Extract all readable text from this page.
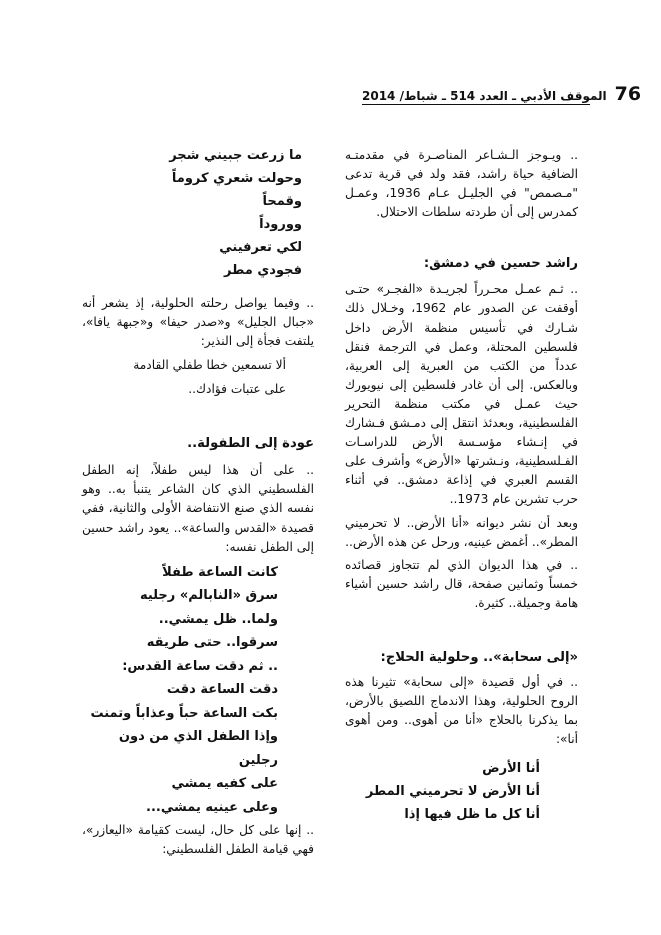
76
الموقف الأدبي ـ العدد 514 ـ شباط/ 2014

.. ويـوجز الـشـاعر المناصـرة في مقدمتـه الضافية حياة راشد، فقد ولد في قرية تدعى "مـصمص" في الجليـل عـام 1936، وعمـل كمدرس إلى أن طردته سلطات الاحتلال.

راشد حسين في دمشق:

.. ثـم عمـل محـرراً لجريـدة «الفجـر» حتـى أوقفت عن الصدور عام 1962، وخـلال ذلك شـارك في تأسيس منظمة الأرض داخل فلسطين المحتلة، وعمل في الترجمة فنقل عدداً من الكتب من العبرية إلى العربية، وبالعكس. إلى أن غادر فلسطين إلى نيويورك حيث عمـل في مكتب منظمة التحرير الفلسطينية، وبعدئذ انتقل إلى دمـشق فـشارك في إنـشاء مؤسـسة الأرض للدراسـات الفـلسطينية، ونـشرتها «الأرض» وأشرف على القسم العبري في إذاعة دمشق.. في أثناء حرب تشرين عام 1973..

وبعد أن نشر ديوانه «أنا الأرض.. لا تحرميني المطر».. أغمض عينيه، ورحل عن هذه الأرض..

.. في هذا الديوان الذي لم تتجاوز قصائده خمساً وثمانين صفحة، قال راشد حسين أشياء هامة وجميلة.. كثيرة.

«إلى سحابة».. وحلولية الحلاج:

.. في أول قصيدة «إلى سحابة» تثيرنا هذه الروح الحلولية، وهذا الاندماج اللصيق بالأرض، بما يذكرنا بالحلاج «أنا من أهوى.. ومن أهوى أنا»:

أنا الأرض

أنا الأرض لا تحرميني المطر

أنا كل ما ظل فيها إذا

ما زرعت جبيني شجر

وحولت شعري كروماً

وقمحاً

ووروداً

لكي تعرفيني

فجودي مطر

.. وفيما يواصل رحلته الحلولية، إذ يشعر أنه «جبال الجليل» و«صدر حيفا» و«جبهة يافا»، يلتفت فجأة إلى النذير:

ألا تسمعين خطا طفلي القادمة

على عتبات فؤادك..

عودة إلى الطفولة..

.. على أن هذا ليس طفلاً، إنه الطفل الفلسطيني الذي كان الشاعر يتنبأ به.. وهو نفسه الذي صنع الانتفاضة الأولى والثانية، ففي قصيدة «القدس والساعة».. يعود راشد حسين إلى الطفل نفسه:

كانت الساعة طفلاً

سرق «النابالم» رجليه

ولما.. ظل يمشي..

سرقوا.. حتى طريقه

.. ثم دقت ساعة القدس:

دقت الساعة دقت

بكت الساعة حباً وعذاباً وتمنت

وإذا الطفل الذي من دون رجلين

على كفيه يمشي

وعلى عينيه يمشي...

.. إنها على كل حال، ليست كقيامة «اليعازر»، فهي قيامة الطفل الفلسطيني:
